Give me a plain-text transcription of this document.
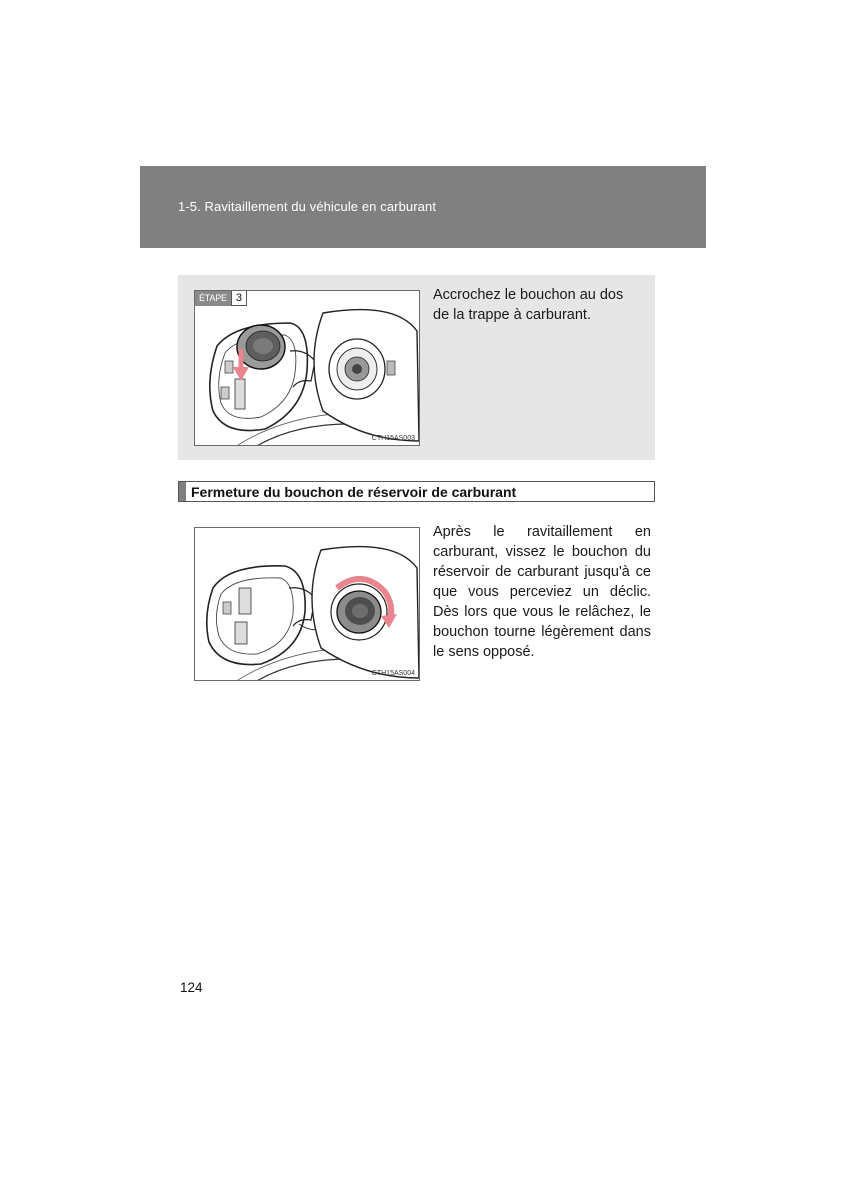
1-5. Ravitaillement du véhicule en carburant
ÉTAPE 3
CTH15AS003
Accrochez le bouchon au dos de la trappe à carburant.
Fermeture du bouchon de réservoir de carburant
CTH15AS004
Après le ravitaillement en carburant, vissez le bouchon du réservoir de carburant jusqu'à ce que vous perceviez un déclic. Dès lors que vous le relâchez, le bouchon tourne légèrement dans le sens opposé.
124
